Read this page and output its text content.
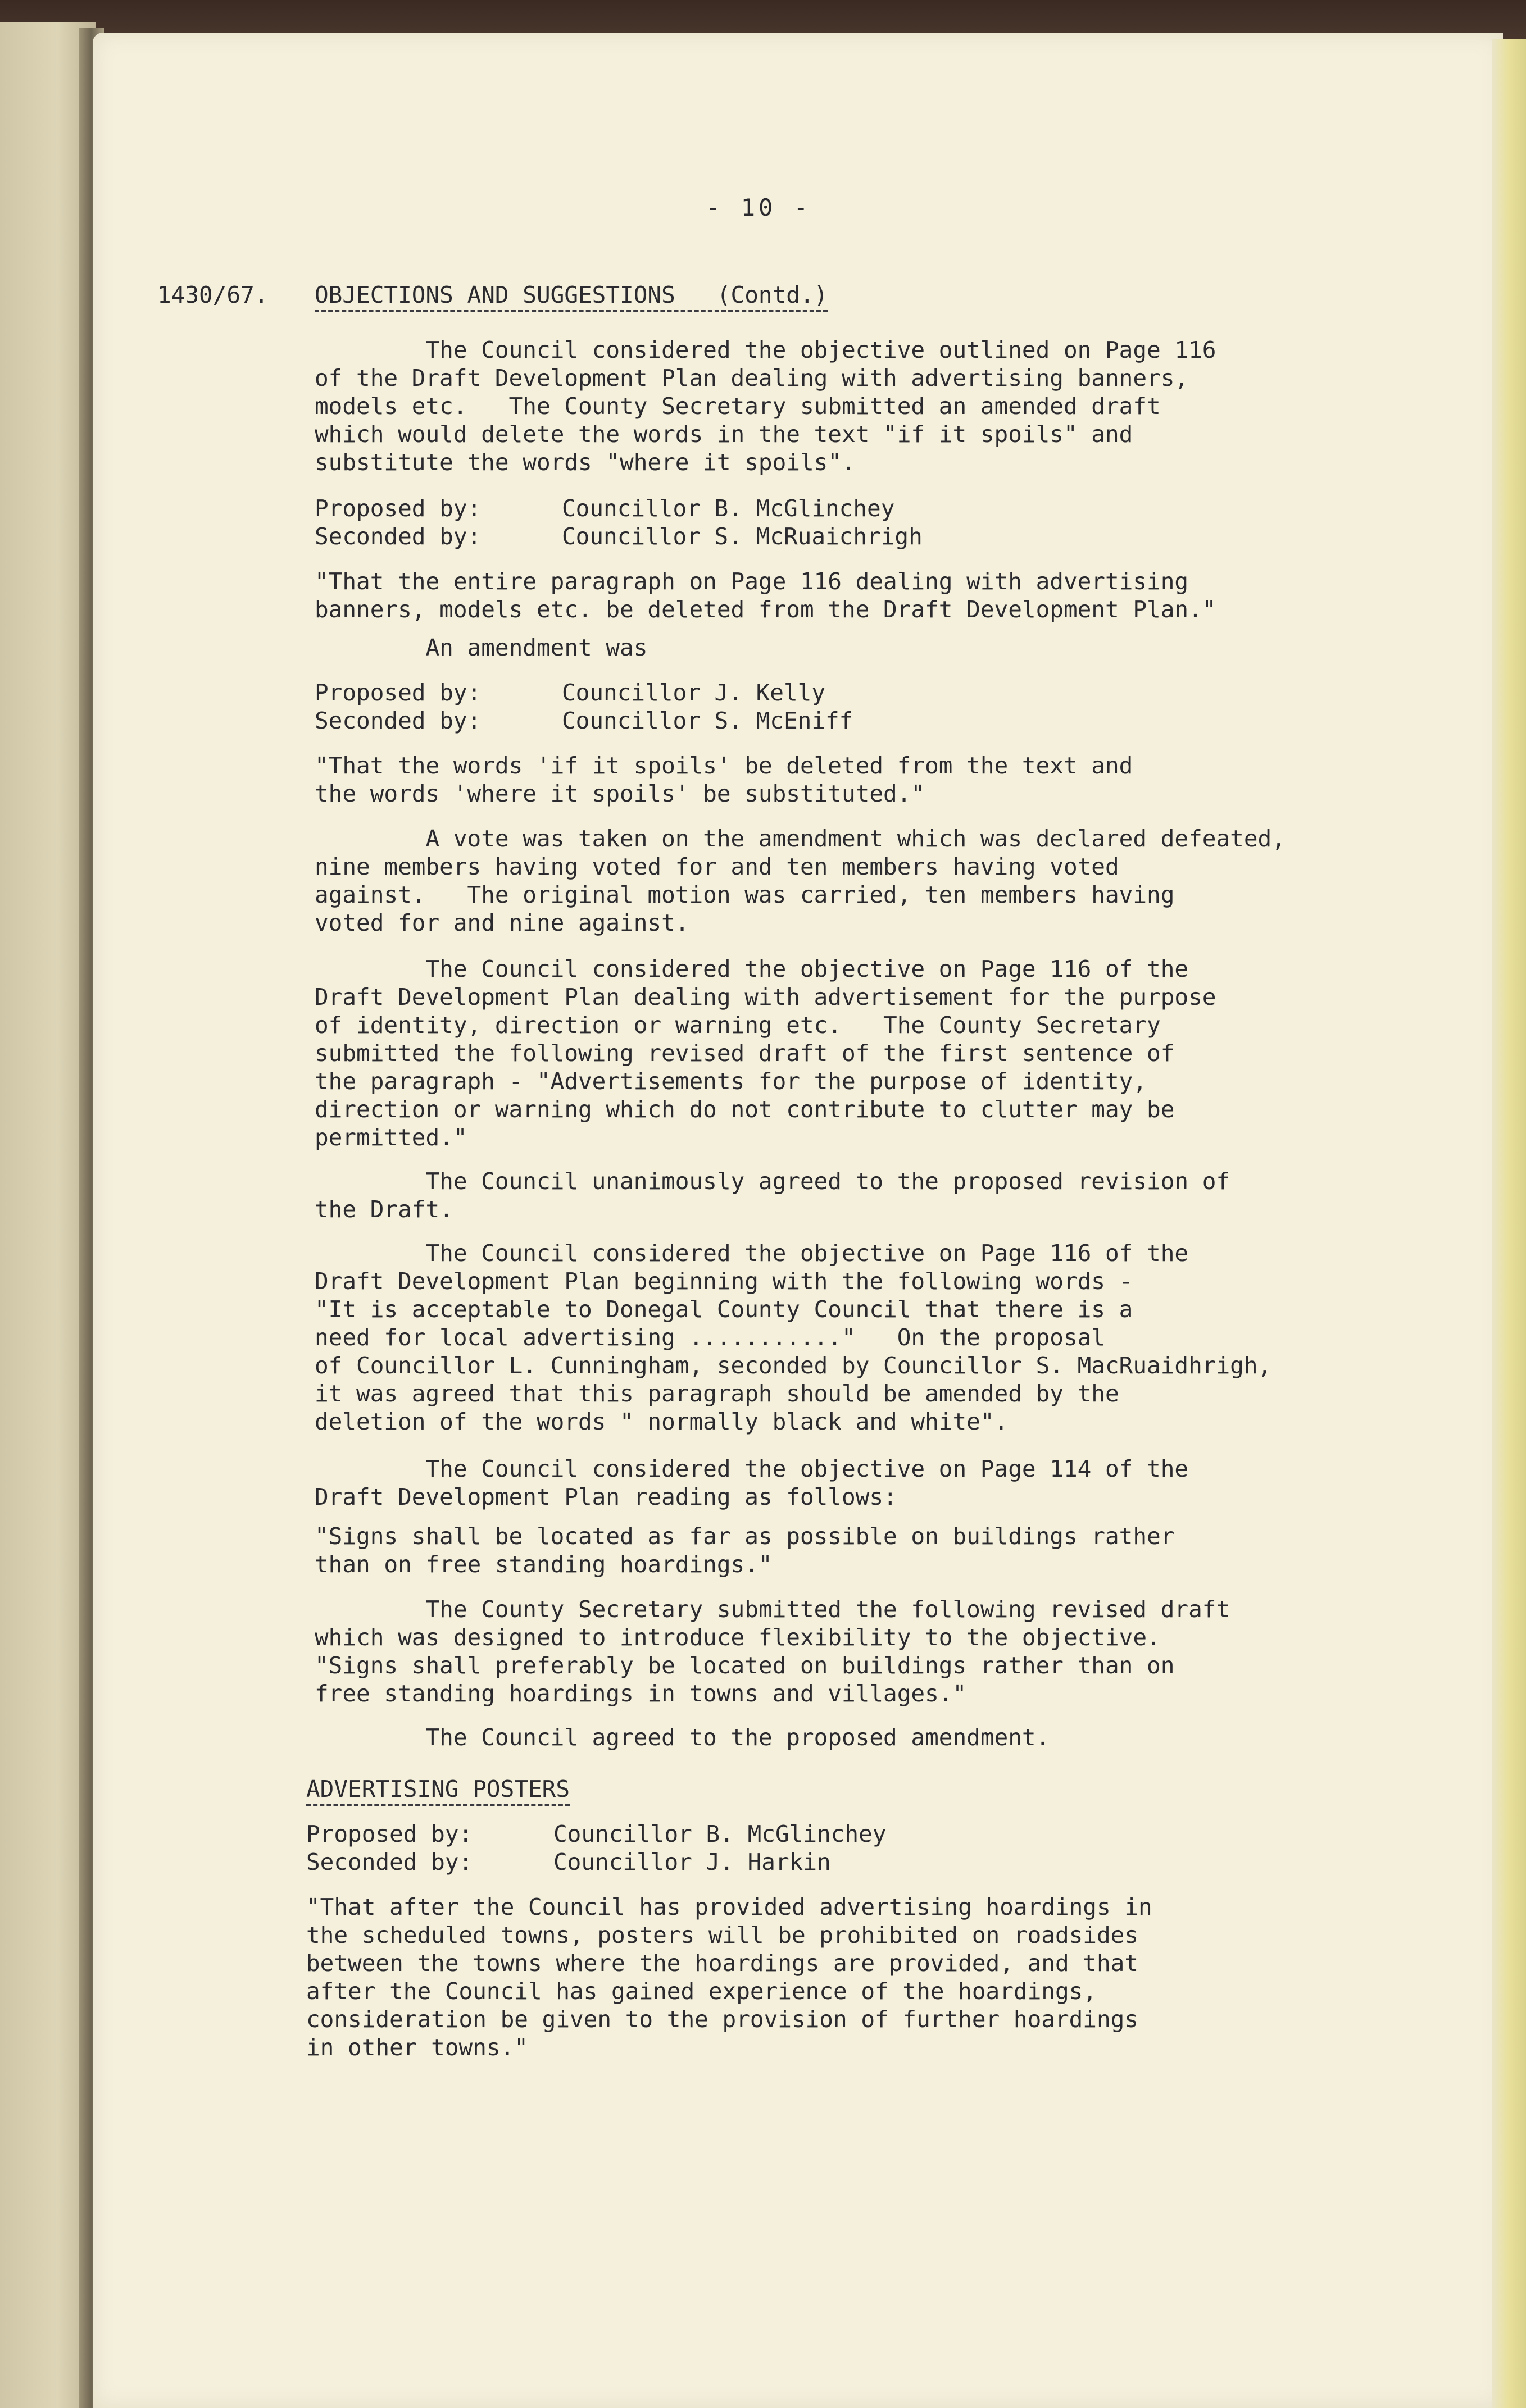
- 10 -
1430/67. OBJECTIONS AND SUGGESTIONS (Contd.)
The Council considered the objective outlined on Page 116
of the Draft Development Plan dealing with advertising banners,
models etc.   The County Secretary submitted an amended draft
which would delete the words in the text "if it spoils" and
substitute the words "where it spoils".
Proposed by:	Councillor B. McGlinchey
Seconded by:	Councillor S. McRuaichrigh
"That the entire paragraph on Page 116 dealing with advertising
banners, models etc. be deleted from the Draft Development Plan."
An amendment was
Proposed by:	Councillor J. Kelly
Seconded by:	Councillor S. McEniff
"That the words 'if it spoils' be deleted from the text and
the words 'where it spoils' be substituted."
A vote was taken on the amendment which was declared defeated,
nine members having voted for and ten members having voted
against.   The original motion was carried, ten members having
voted for and nine against.
The Council considered the objective on Page 116 of the
Draft Development Plan dealing with advertisement for the purpose
of identity, direction or warning etc.   The County Secretary
submitted the following revised draft of the first sentence of
the paragraph - "Advertisements for the purpose of identity,
direction or warning which do not contribute to clutter may be
permitted."
The Council unanimously agreed to the proposed revision of
the Draft.
The Council considered the objective on Page 116 of the
Draft Development Plan beginning with the following words -
"It is acceptable to Donegal County Council that there is a
need for local advertising ..........."   On the proposal
of Councillor L. Cunningham, seconded by Councillor S. MacRuaidhrigh,
it was agreed that this paragraph should be amended by the
deletion of the words " normally black and white".
The Council considered the objective on Page 114 of the
Draft Development Plan reading as follows:
"Signs shall be located as far as possible on buildings rather
than on free standing hoardings."
The County Secretary submitted the following revised draft
which was designed to introduce flexibility to the objective.
"Signs shall preferably be located on buildings rather than on
free standing hoardings in towns and villages."
The Council agreed to the proposed amendment.
ADVERTISING POSTERS
Proposed by:	Councillor B. McGlinchey
Seconded by:	Councillor J. Harkin
"That after the Council has provided advertising hoardings in
the scheduled towns, posters will be prohibited on roadsides
between the towns where the hoardings are provided, and that
after the Council has gained experience of the hoardings,
consideration be given to the provision of further hoardings
in other towns."
